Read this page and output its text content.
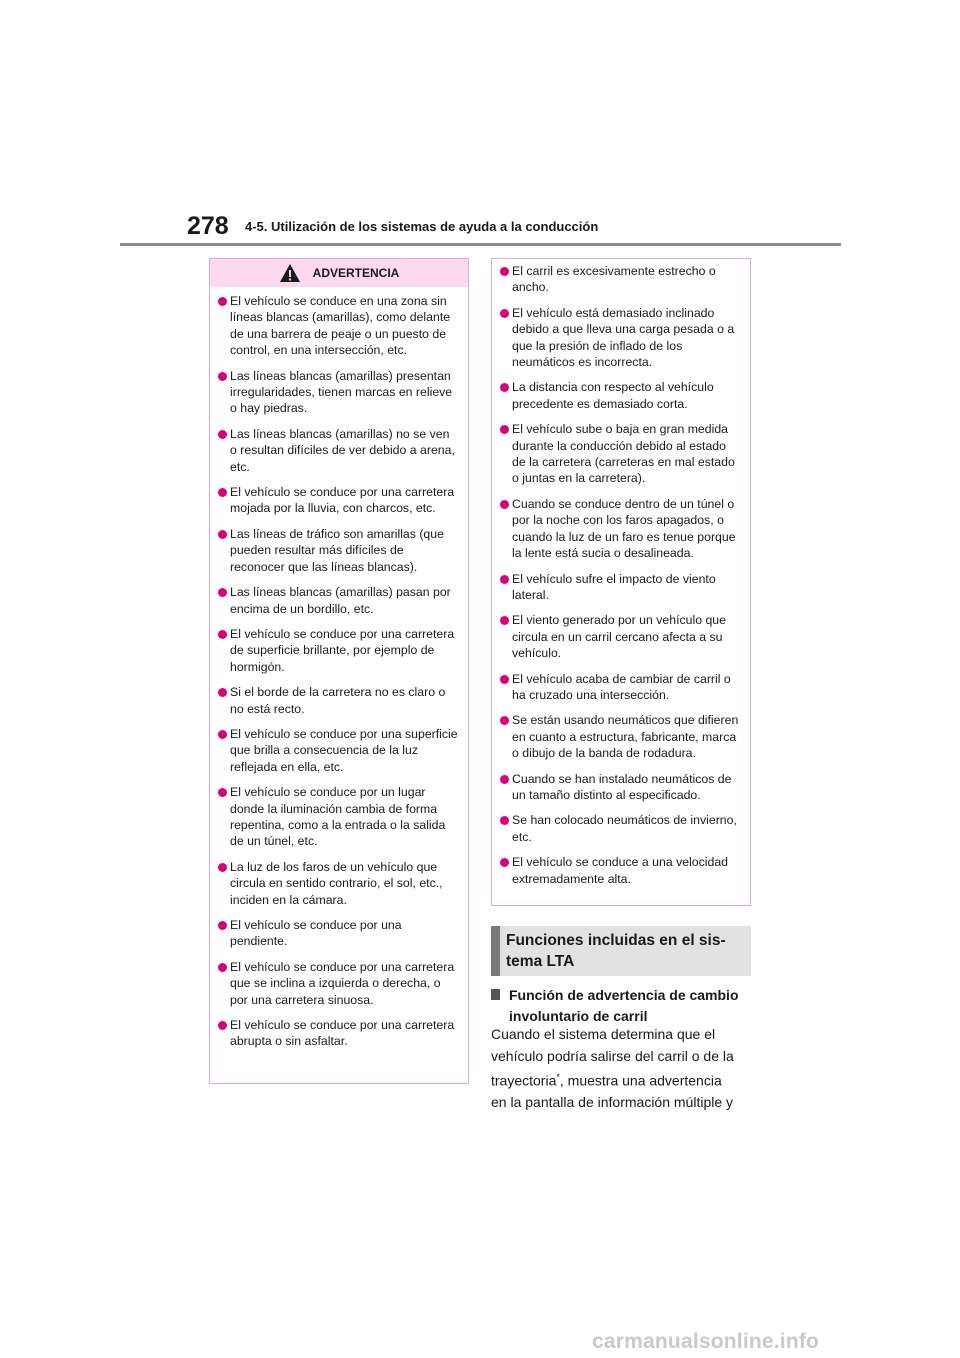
278 4-5. Utilización de los sistemas de ayuda a la conducción
ADVERTENCIA
El vehículo se conduce en una zona sin líneas blancas (amarillas), como delante de una barrera de peaje o un puesto de control, en una intersección, etc.
Las líneas blancas (amarillas) presentan irregularidades, tienen marcas en relieve o hay piedras.
Las líneas blancas (amarillas) no se ven o resultan difíciles de ver debido a arena, etc.
El vehículo se conduce por una carretera mojada por la lluvia, con charcos, etc.
Las líneas de tráfico son amarillas (que pueden resultar más difíciles de reconocer que las líneas blancas).
Las líneas blancas (amarillas) pasan por encima de un bordillo, etc.
El vehículo se conduce por una carretera de superficie brillante, por ejemplo de hormigón.
Si el borde de la carretera no es claro o no está recto.
El vehículo se conduce por una superficie que brilla a consecuencia de la luz reflejada en ella, etc.
El vehículo se conduce por un lugar donde la iluminación cambia de forma repentina, como a la entrada o la salida de un túnel, etc.
La luz de los faros de un vehículo que circula en sentido contrario, el sol, etc., inciden en la cámara.
El vehículo se conduce por una pendiente.
El vehículo se conduce por una carretera que se inclina a izquierda o derecha, o por una carretera sinuosa.
El vehículo se conduce por una carretera abrupta o sin asfaltar.
El carril es excesivamente estrecho o ancho.
El vehículo está demasiado inclinado debido a que lleva una carga pesada o a que la presión de inflado de los neumáticos es incorrecta.
La distancia con respecto al vehículo precedente es demasiado corta.
El vehículo sube o baja en gran medida durante la conducción debido al estado de la carretera (carreteras en mal estado o juntas en la carretera).
Cuando se conduce dentro de un túnel o por la noche con los faros apagados, o cuando la luz de un faro es tenue porque la lente está sucia o desalineada.
El vehículo sufre el impacto de viento lateral.
El viento generado por un vehículo que circula en un carril cercano afecta a su vehículo.
El vehículo acaba de cambiar de carril o ha cruzado una intersección.
Se están usando neumáticos que difieren en cuanto a estructura, fabricante, marca o dibujo de la banda de rodadura.
Cuando se han instalado neumáticos de un tamaño distinto al especificado.
Se han colocado neumáticos de invierno, etc.
El vehículo se conduce a una velocidad extremadamente alta.
Funciones incluidas en el sis-
tema LTA
Función de advertencia de cambio involuntario de carril
Cuando el sistema determina que el
vehículo podría salirse del carril o de la
trayectoria*, muestra una advertencia
en la pantalla de información múltiple y
carmanualsonline.info
